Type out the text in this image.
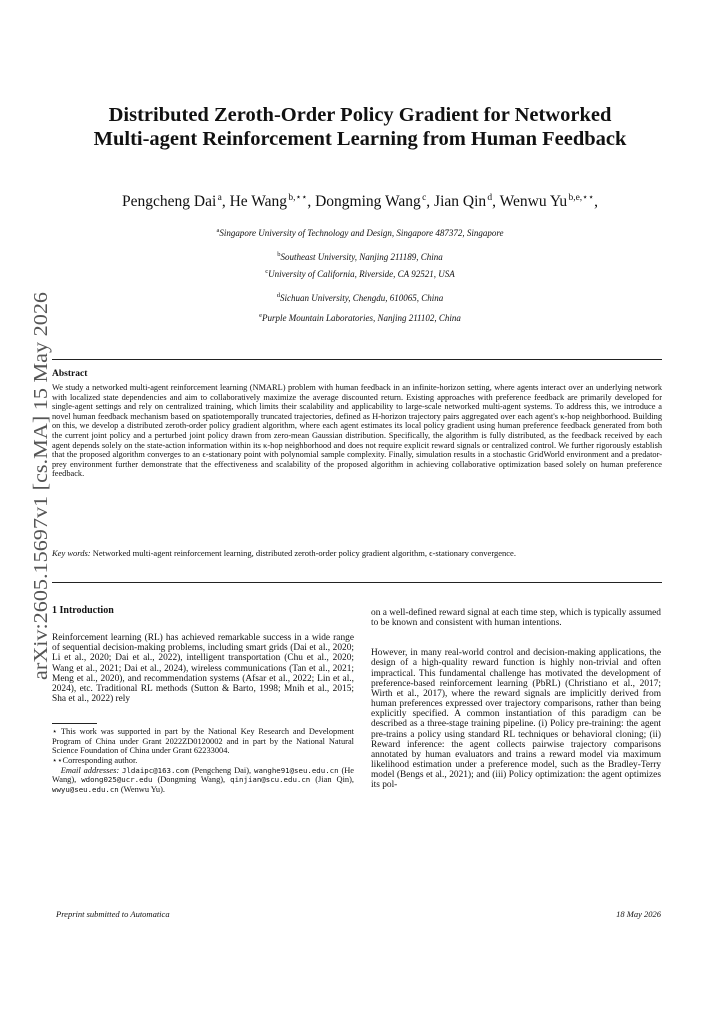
arXiv:2605.15697v1 [cs.MA] 15 May 2026
Distributed Zeroth-Order Policy Gradient for Networked
Multi-agent Reinforcement Learning from Human Feedback

Pengcheng Dai $^a$, He Wang $^{b,⋆⋆}$, Dongming Wang $^c$, Jian Qin $^d$, Wenwu Yu $^{b,e,⋆⋆}$,

$^a$Singapore University of Technology and Design, Singapore 487372, Singapore

$^b$Southeast University, Nanjing 211189, China

$^c$University of California, Riverside, CA 92521, USA

$^d$Sichuan University, Chengdu, 610065, China

$^e$Purple Mountain Laboratories, Nanjing 211102, China

Abstract

We study a networked multi-agent reinforcement learning (NMARL) problem with human feedback in an infinite-horizon setting, where agents interact over an underlying network with localized state dependencies and aim to collaboratively maximize the average discounted return. Existing approaches with preference feedback are primarily developed for single-agent settings and rely on centralized training, which limits their scalability and applicability to large-scale networked multi-agent systems. To address this, we introduce a novel human feedback mechanism based on spatiotemporally truncated trajectories, defined as H-horizon trajectory pairs aggregated over each agent's κ-hop neighborhood. Building on this, we develop a distributed zeroth-order policy gradient algorithm, where each agent estimates its local policy gradient using human preference feedback generated from both the current joint policy and a perturbed joint policy drawn from zero-mean Gaussian distribution. Specifically, the algorithm is fully distributed, as the feedback received by each agent depends solely on the state-action information within its κ-hop neighborhood and does not require explicit reward signals or centralized control. We further rigorously establish that the proposed algorithm converges to an ϵ-stationary point with polynomial sample complexity. Finally, simulation results in a stochastic GridWorld environment and a predator-prey environment further demonstrate that the effectiveness and scalability of the proposed algorithm in achieving collaborative optimization based solely on human preference feedback.

Key words: Networked multi-agent reinforcement learning, distributed zeroth-order policy gradient algorithm, ϵ-stationary convergence.

1 Introduction

Reinforcement learning (RL) has achieved remarkable success in a wide range of sequential decision-making problems, including smart grids (Dai et al., 2020; Li et al., 2020; Dai et al., 2022), intelligent transportation (Chu et al., 2020; Wang et al., 2021; Dai et al., 2024), wireless communications (Tan et al., 2021; Meng et al., 2020), and recommendation systems (Afsar et al., 2022; Lin et al., 2024), etc. Traditional RL methods (Sutton & Barto, 1998; Mnih et al., 2015; Sha et al., 2022) rely

⋆ This work was supported in part by the National Key Research and Development Program of China under Grant 2022ZD0120002 and in part by the National Natural Science Foundation of China under Grant 62233004.

⋆⋆Corresponding author.

Email addresses: Jldaipc@163.com (Pengcheng Dai), wanghe91@seu.edu.cn (He Wang), wdong025@ucr.edu (Dongming Wang), qinjian@scu.edu.cn (Jian Qin), wwyu@seu.edu.cn (Wenwu Yu).

on a well-defined reward signal at each time step, which is typically assumed to be known and consistent with human intentions.

However, in many real-world control and decision-making applications, the design of a high-quality reward function is highly non-trivial and often impractical. This fundamental challenge has motivated the development of preference-based reinforcement learning (PbRL) (Christiano et al., 2017; Wirth et al., 2017), where the reward signals are implicitly derived from human preferences expressed over trajectory comparisons, rather than being explicitly specified. A common instantiation of this paradigm can be described as a three-stage training pipeline. (i) Policy pre-training: the agent pre-trains a policy using standard RL techniques or behavioral cloning; (ii) Reward inference: the agent collects pairwise trajectory comparisons annotated by human evaluators and trains a reward model via maximum likelihood estimation under a preference model, such as the Bradley-Terry model (Bengs et al., 2021); and (iii) Policy optimization: the agent optimizes its pol-

Preprint submitted to Automatica	18 May 2026
